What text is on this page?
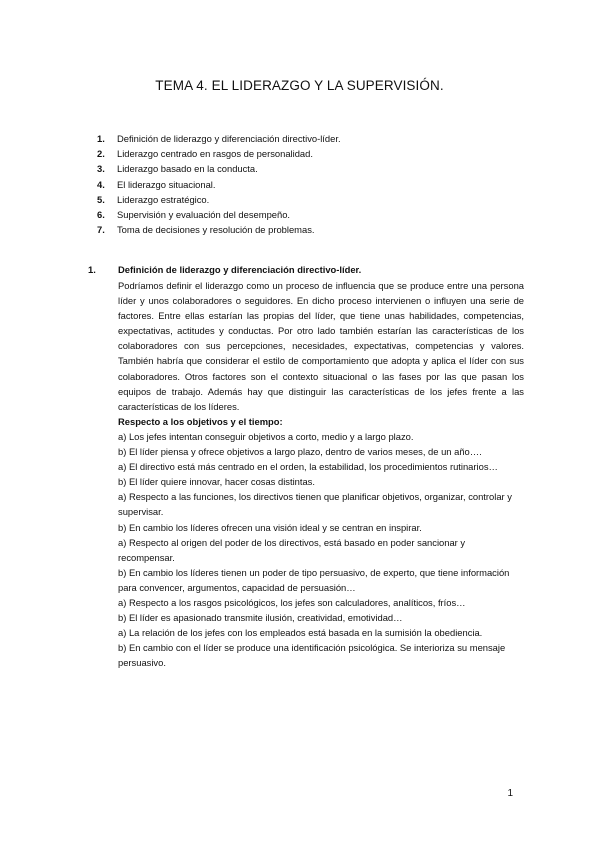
TEMA 4. EL LIDERAZGO Y LA SUPERVISIÓN.
1. Definición de liderazgo y diferenciación directivo-líder.
2. Liderazgo centrado en rasgos de personalidad.
3. Liderazgo basado en la conducta.
4. El liderazgo situacional.
5. Liderazgo estratégico.
6. Supervisión y evaluación del desempeño.
7. Toma de decisiones y resolución de problemas.
1. Definición de liderazgo y diferenciación directivo-líder.

Podríamos definir el liderazgo como un proceso de influencia que se produce entre una persona líder y unos colaboradores o seguidores. En dicho proceso intervienen o influyen una serie de factores. Entre ellas estarían las propias del líder, que tiene unas habilidades, competencias, expectativas, actitudes y conductas. Por otro lado también estarían las características de los colaboradores con sus percepciones, necesidades, expectativas, competencias y valores. También habría que considerar el estilo de comportamiento que adopta y aplica el líder con sus colaboradores. Otros factores son el contexto situacional o las fases por las que pasan los equipos de trabajo. Además hay que distinguir las características de los jefes frente a las características de los líderes.

Respecto a los objetivos y el tiempo:

a) Los jefes intentan conseguir objetivos a corto, medio y a largo plazo.

b) El líder piensa y ofrece objetivos a largo plazo, dentro de varios meses, de un año….

a) El directivo está más centrado en el orden, la estabilidad, los procedimientos rutinarios…

b) El líder quiere innovar, hacer cosas distintas.

a) Respecto a las funciones, los directivos tienen que planificar objetivos, organizar, controlar y supervisar.

b) En cambio los líderes ofrecen una visión ideal y se centran en inspirar.

a) Respecto al origen del poder de los directivos, está basado en poder sancionar y recompensar.

b) En cambio los líderes tienen un poder de tipo persuasivo, de experto, que tiene información para convencer, argumentos, capacidad de persuasión…

a) Respecto a los rasgos psicológicos, los jefes son calculadores, analíticos, fríos…

b) El líder es apasionado transmite ilusión, creatividad, emotividad…

a) La relación de los jefes con los empleados está basada en la sumisión la obediencia.

b) En cambio con el líder se produce una identificación psicológica. Se interioriza su mensaje persuasivo.

1
